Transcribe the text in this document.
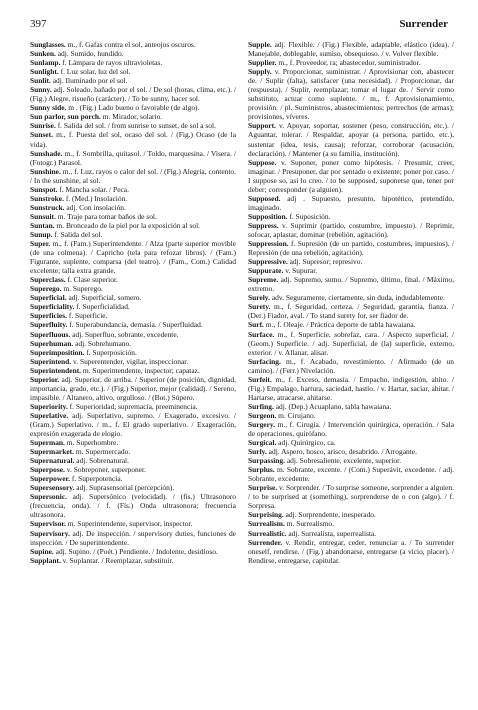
397	Surrender

Sunglasses. m., f. Gafas contra el sol, anteojos oscuros.

Sunken. adj. Sumido, hundido.

Sunlamp. f. Lámpara de rayos ultravioletas.

Sunlight. f. Luz solar, luz del sol.

Sunlit. adj. Iluminado por el sol.

Sunny. adj. Soleado, bañado por el sol. / De sol (horas, clima, etc.). / (Fig.) Alegre, risueño (carácter). / To be sunny, hacer sol.

Sunny side. m . (Fig.) Lado bueno o favorable (de algo).

Sun parlor, sun porch. m. Mirador, solario.

Sunrise. f. Salida del sol. / from sunrise to sunset, de sol a sol.

Sunset. m., f. Puesta del sol, ocaso del sol. / (Fig.) Ocaso (de la vida).

Sunshade. m., f. Sombrilla, quitasol. / Toldo, marquesina. / Visera. / (Fotogr.) Parasol.

Sunshine. m., f. Luz, rayos o calor del sol. / (Fig.) Alegría, contento. / In the sunshine, al sol.

Sunspot. f. Mancha solar. / Peca.

Sunstroke. f. (Med.) Insolación.

Sunstruck. adj. Con insolación.

Sunsuit. m. Traje para tomar baños de sol.

Suntan. m. Bronceado de la piel por la exposición al sol.

Sunup. f. Salida del sol.

Super. m., f. (Fam.) Superintendente. / Alza (parte superior movible (de una colmena). / Capricho (tela para refozar libros). / (Fam.) Figurante, suplente, comparsa (del teatro). / (Fam., Com.) Calidad excelente; talla extra grande.

Superclass. f. Clase superior.

Superego. m. Superego.

Superficial. adj. Superficial, somero.

Superficiality. f. Superficialidad.

Superficies. f. Superficie.

Superfluity. f. Superabundancia, demasía. / Superfluidad.

Superfluous. adj. Superfluo, sobrante, excedente.

Superhuman. adj. Sobrehumano.

Superimposition. f. Superposición.

Superintend. v. Superentender, vigilar, inspeccionar.

Superintendent. m. Superintendente, inspector; capataz.

Superior. adj. Superior, de arriba. / Superior (de posición, dignidad, importancia, grado, etc.). / (Fig.) Superior, mejor (calidad). / Sereno, impasible. / Altanero, altivo, orgulloso. / (Bot.) Súpero.

Superiority. f. Superioridad, supremacía, preeminencia.

Superlative. adj. Superlativo, supremo. / Exagerado, excesivo. / (Gram.) Superlativo. / m., f. El grado superlativo. / Exageración, expresión exagerada de elogio.

Superman. m. Superhombre.

Supermarket. m. Supermercado.

Supernatural. adj. Sobrenatural.

Superpose. v. Sobreponer, superponer.

Superpower. f. Superpotencia.

Supersensory. adj. Suprasensorial (percepción).

Supersonic. adj. Supersónico (velocidad). / (fís.) Ultrasonoro (frecuencia, onda). / f. (Fís.) Onda ultrasonora; frecuencia ultrasonora.

Supervisor. m. Superintendente, supervisor, inspector.

Supervisory. adj. De inspección. / supervisory duties, funciones de inspección. / De superintendente.

Supine. adj. Supino. / (Poét.) Pendiente. / Indolente, desidioso.

Supplant. v. Suplantar. / Reemplazar, substituir.

Supple. adj. Flexible. / (Fig.) Flexible, adaptable, elástico (idea). / Manejable, doblegable, sumiso, obsequioso. / v. Volver flexible.

Supplier. m., f. Proveedor, ra; abastecedor, suministrador.

Supply. v. Proporcionar, suministrar. / Aprovisionar con, abastecer de. / Suplir (falta), satisfacer (una necesidad). / Proporcionar, dar (respuesta). / Suplir, reemplazar; tomar el lugar de. / Servir como substituto, actuar como suplente. / m., f. Aprovisionamiento, provisión. / pl. Suministros, abastecimientos; pertrechos (de armas); provisiones, víveres.

Support. v. Apoyar, soportar, sostener (peso, construcción, etc.). / Aguantar, tolerar. / Respaldar, apoyar (a persona, partido, etc.), sustentar (idea, tesis, causa); reforzar, corroborar (acusación, declaración). / Mantener (a su familia, institución).

Suppose. v. Suponer, poner como hipótesis. / Presumir, creer, imaginar. / Presuponer, dar por sentado o existente; poner por caso. / I suppose so, así lo creo. / to be supposed, suponerse que, tener por deber; corresponder (a alguien).

Supposed. adj . Supuesto, presunto, hipotético, pretendido, imaginado.

Supposition. f. Suposición.

Suppress. v. Suprimir (partido, costumbre, impuesto). / Reprimir, sofocar, aplastar, dominar (rebelión, agitación).

Suppression. f. Supresión (de un partido, costumbres, impuestos). / Represión (de una rebelión, agitación).

Suppressive. adj. Supresor; represivo.

Suppurate. v. Supurar.

Supreme. adj. Supremo, sumo. / Supremo, último, final. / Máximo, extremo.

Surely. adv. Seguramente, ciertamente, sin duda, indudablemente.

Surety. m., f. Seguridad, certeza. / Seguridad, garantía, fianza. / (Der.) Fiador, aval. / To stand surety for, ser fiador de.

Surf. m., f. Oleaje. / Práctica deporte de tabla hawaiana.

Surface. m., f. Superficie, sobrefaz, cara. / Aspecto superficial. / (Geom.) Superficie. / adj. Superficial, de (la) superficie, externo, exterior. / v. Allanar, alisar.

Surfacing. m., f. Acabado, revestimiento. / Afirmado (de un camino). / (Ferr.) Nivelación.

Surfeit. m., f. Exceso, demasía. / Empacho, indigestión, ahíto. / (Fig.) Empalago, hartura, saciedad, hastío. / v. Hartar, saciar, ahitar. / Hartarse, atracarse, ahitarse.

Surfing. adj. (Dep.) Acuaplano, tabla hawaiana.

Surgeon. m. Cirujano.

Surgery. m., f. Cirugía. / Intervención quirúrgica, operación. / Sala de operaciones, quirófano.

Surgical. adj. Quirúrgico, ca.

Surly. adj. Aspero, hosco, arisco, desabrido. / Arrogante.

Surpassing. adj. Sobresaliente, excelente, superior.

Surplus. m. Sobrante, excente. / (Com.) Superávit, excedente. / adj. Sobrante, excedente.

Surprise. v. Sorprender. / To surprise someone, sorprender a alguien. / to be surprised at (something), sorprenderse de o con (algo). / f. Sorpresa.

Surprising. adj. Sorprendente, inesperado.

Surrealism. m. Surrealismo.

Surrealistic. adj. Surrealista, superrealista.

Surrender. v. Rendir, entregar, ceder, renunciar a. / To surrender oneself, rendirse. / (Fig.) abandonarse, entregarse (a vicio, placer). / Rendirse, entregarse, capitular.
